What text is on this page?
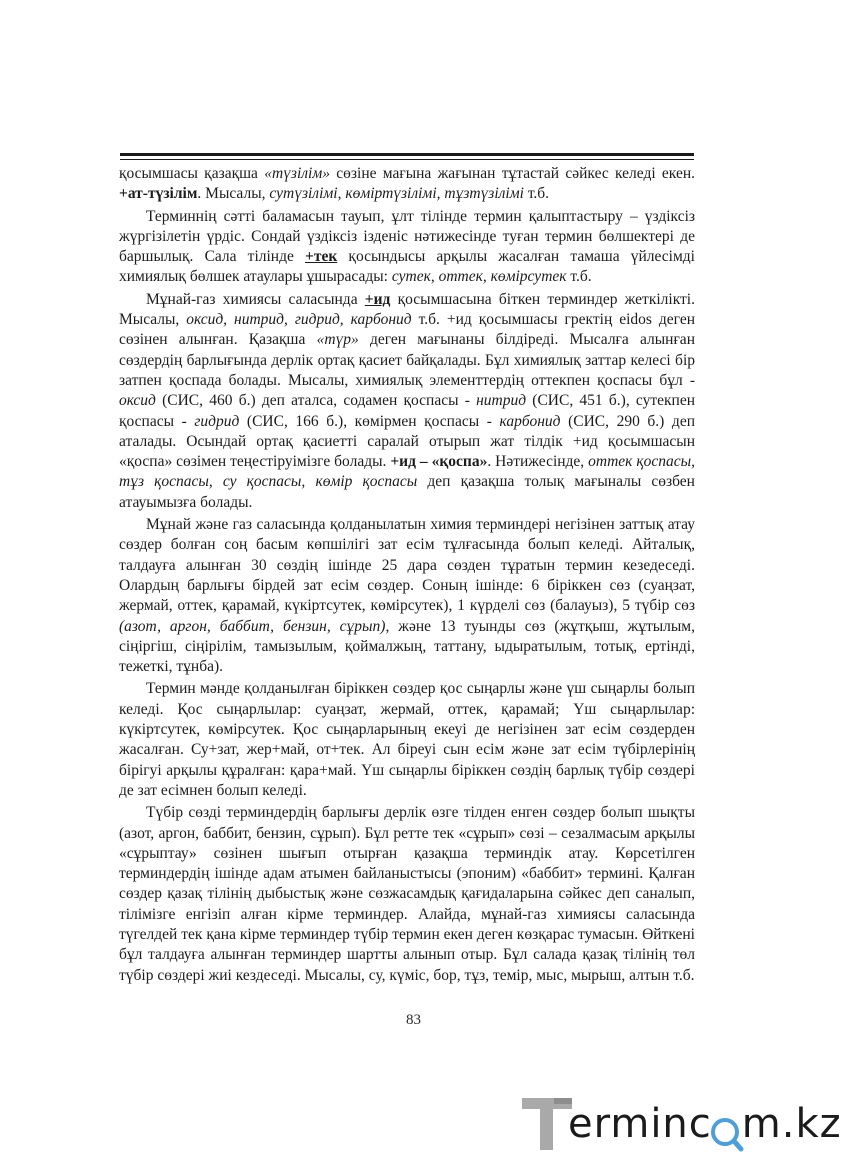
қосымшасы қазақша «түзілім» сөзіне мағына жағынан тұтастай сәйкес келеді екен. +ат-түзілім. Мысалы, сутүзілімі, көміртүзілімі, тұзтүзілімі т.б.

Терминнің сәтті баламасын тауып, ұлт тілінде термин қалыптастыру – үздіксіз жүргізілетін үрдіс. Сондай үздіксіз ізденіс нәтижесінде туған термин бөлшектері де баршылық. Сала тілінде +тек қосындысы арқылы жасалған тамаша үйлесімді химиялық бөлшек атаулары ұшырасады: сутек, оттек, көмірсутек т.б.

Мұнай-газ химиясы саласында +ид қосымшасына біткен терминдер жеткілікті. Мысалы, оксид, нитрид, гидрид, карбонид т.б. +ид қосымшасы гректің eidos деген сөзінен алынған. Қазақша «түр» деген мағынаны білдіреді. Мысалға алынған сөздердің барлығында дерлік ортақ қасиет байқалады. Бұл химиялық заттар келесі бір затпен қоспада болады. Мысалы, химиялық элементтердің оттекпен қоспасы бұл - оксид (СИС, 460 б.) деп аталса, содамен қоспасы - нитрид (СИС, 451 б.), сутекпен қоспасы - гидрид (СИС, 166 б.), көмірмен қоспасы - карбонид (СИС, 290 б.) деп аталады. Осындай ортақ қасиетті саралай отырып жат тілдік +ид қосымшасын «қоспа» сөзімен теңестіруімізге болады. +ид – «қоспа». Нәтижесінде, оттек қоспасы, тұз қоспасы, су қоспасы, көмір қоспасы деп қазақша толық мағыналы сөзбен атауымызға болады.

Мұнай және газ саласында қолданылатын химия терминдері негізінен заттық атау сөздер болған соң басым көпшілігі зат есім тұлғасында болып келеді. Айталық, талдауға алынған 30 сөздің ішінде 25 дара сөзден тұратын термин кезедеседі. Олардың барлығы бірдей зат есім сөздер. Соның ішінде: 6 біріккен сөз (суаңзат, жермай, оттек, қарамай, күкіртсутек, көмірсутек), 1 күрделі сөз (балауыз), 5 түбір сөз (азот, аргон, баббит, бензин, сұрып), және 13 туынды сөз (жұтқыш, жұтылым, сіңіргіш, сіңірілім, тамызылым, қоймалжың, таттану, ыдыратылым, тотық, ертінді, тежеткі, тұнба).

Термин мәнде қолданылған біріккен сөздер қос сыңарлы және үш сыңарлы болып келеді. Қос сыңарлылар: суаңзат, жермай, оттек, қарамай; Үш сыңарлылар: күкіртсутек, көмірсутек. Қос сыңарларының екеуі де негізінен зат есім сөздерден жасалған. Су+зат, жер+май, от+тек. Ал біреуі сын есім және зат есім түбірлерінің бірігуі арқылы құралған: қара+май. Үш сыңарлы біріккен сөздің барлық түбір сөздері де зат есімнен болып келеді.

Түбір сөзді терминдердің барлығы дерлік өзге тілден енген сөздер болып шықты (азот, аргон, баббит, бензин, сұрып). Бұл ретте тек «сұрып» сөзі – сезалмасым арқылы «сұрыптау» сөзінен шығып отырған қазақша терминдік атау. Көрсетілген терминдердің ішінде адам атымен байланыстысы (эпоним) «баббит» термині. Қалған сөздер қазақ тілінің дыбыстық және сөзжасамдық қағидаларына сәйкес деп саналып, тілімізге енгізіп алған кірме терминдер. Алайда, мұнай-газ химиясы саласында түгелдей тек қана кірме терминдер түбір термин екен деген көзқарас тумасын. Өйткені бұл талдауға алынған терминдер шартты алынып отыр. Бұл салада қазақ тілінің төл түбір сөздері жиі кездеседі. Мысалы, су, күміс, бор, тұз, темір, мыс, мырыш, алтын т.б.

83
erminc m.kz
